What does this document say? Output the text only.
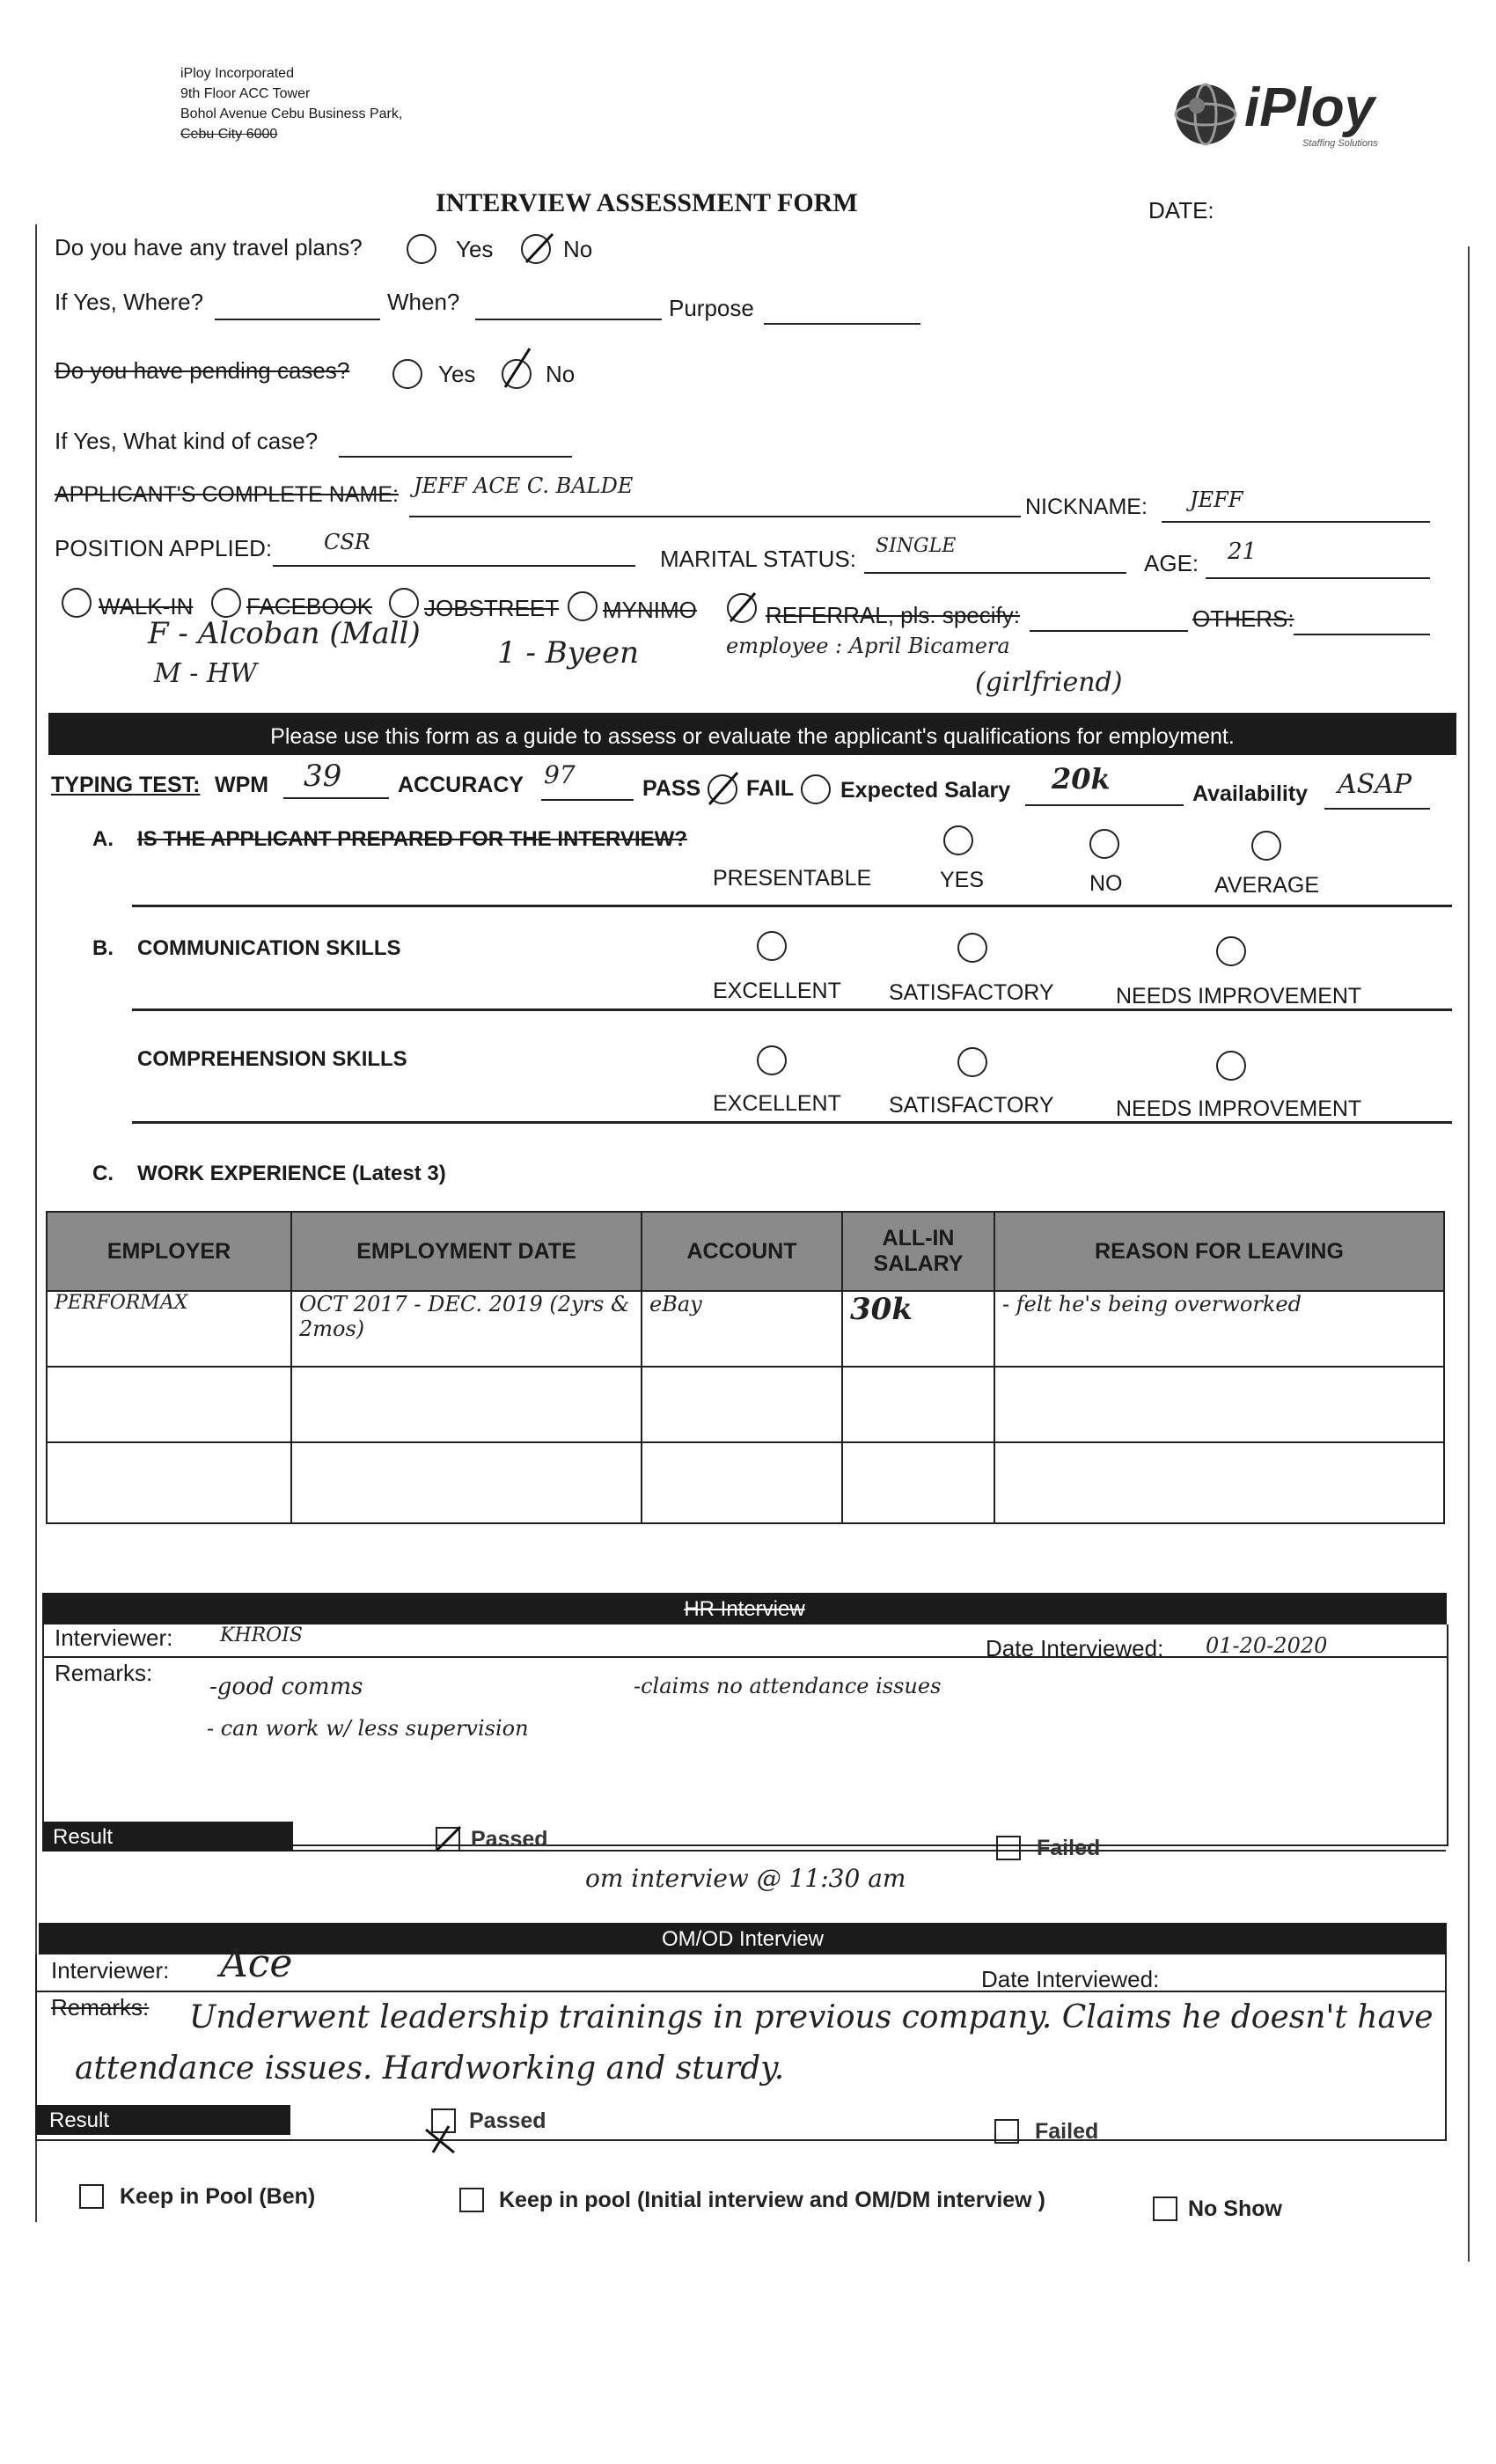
iPloy Incorporated
9th Floor ACC Tower
Bohol Avenue Cebu Business Park,
Cebu City 6000	iPloy
Staffing Solutions
INTERVIEW ASSESSMENT FORM	DATE:
Do you have any travel plans?	Yes	No
If Yes, Where?	When?	Purpose
Do you have pending cases?	Yes	No
If Yes, What kind of case?
APPLICANT'S COMPLETE NAME: JEFF ACE C. BALDE
NICKNAME: JEFF
POSITION APPLIED: CSR
MARITAL STATUS: SINGLE
AGE: 21
WALK-IN FACEBOOK JOBSTREET MYNIMO	REFERRAL, pls. specify:	OTHERS:
F - Alcoban (Mall)
M - HW
1 - Byeen	employee : April Bicamera
(girlfriend)
Please use this form as a guide to assess or evaluate the applicant's qualifications for employment.
TYPING TEST: WPM 39	ACCURACY 97	PASS FAIL Expected Salary 20k	Availability ASAP
A. IS THE APPLICANT PREPARED FOR THE INTERVIEW?
PRESENTABLE	YES	NO	AVERAGE
B. COMMUNICATION SKILLS
EXCELLENT SATISFACTORY	NEEDS IMPROVEMENT
COMPREHENSION SKILLS
EXCELLENT SATISFACTORY	NEEDS IMPROVEMENT
C. WORK EXPERIENCE (Latest 3)
EMPLOYER	EMPLOYMENT DATE	ACCOUNT	ALL-IN SALARY	REASON FOR LEAVING
PERFORMAX	OCT 2017 - DEC. 2019 (2yrs & 2mos)	eBay	30k	- felt he's being overworked

HR Interview
Interviewer: KHROIS	Date Interviewed: 01-20-2020
Remarks:
-good comms
- can work w/ less supervision
-claims no attendance issues
Result	Passed	Failed
om interview @ 11:30 am
OM/OD Interview
Interviewer: Ace	Date Interviewed:
Remarks: Underwent leadership trainings in previous company. Claims he doesn't have
attendance issues. Hardworking and sturdy.
Result	Passed	Failed
Keep in Pool (Ben)	Keep in pool (Initial interview and OM/DM interview )	No Show
